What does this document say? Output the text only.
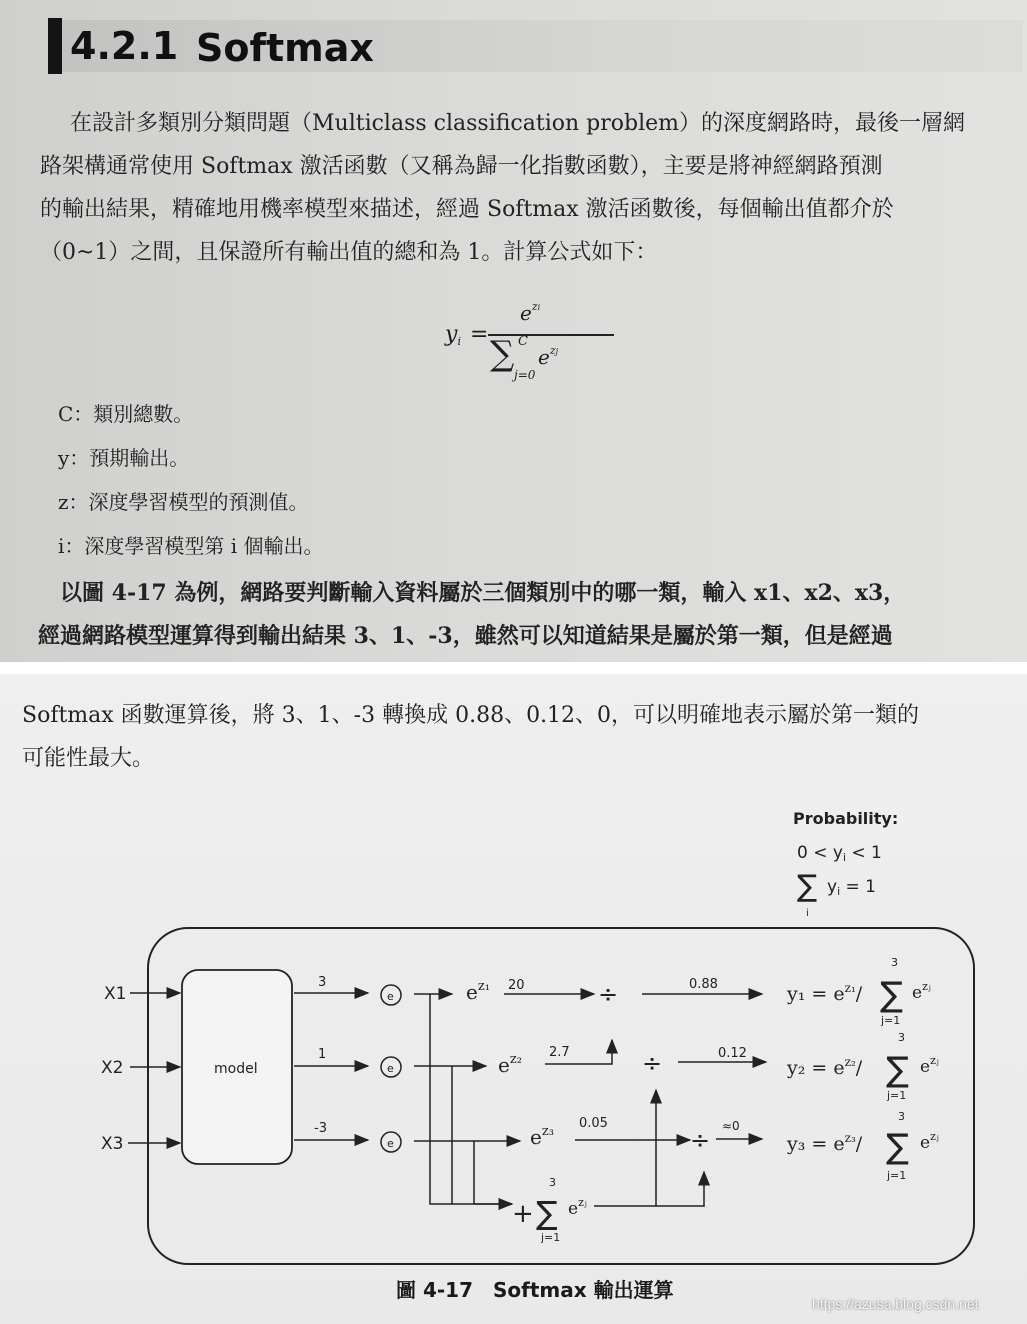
4.2.1 Softmax

在設計多類別分類問題（Multiclass classification problem）的深度網路時，最後一層網

路架構通常使用 Softmax 激活函數（又稱為歸一化指數函數），主要是將神經網路預測

的輸出結果，精確地用機率模型來描述，經過 Softmax 激活函數後，每個輸出值都介於

（0~1）之間，且保證所有輸出值的總和為 1。計算公式如下：

yi =
$e^{zi}$
∑ C
j=0
$e^{zj}$
C：類別總數。
y：預期輸出。
z：深度學習模型的預測值。
i：深度學習模型第 i 個輸出。

以圖 4-17 為例，網路要判斷輸入資料屬於三個類別中的哪一類，輸入 x1、x2、x3，

經過網路模型運算得到輸出結果 3、1、-3，雖然可以知道結果是屬於第一類，但是經過

Softmax 函數運算後，將 3、1、-3 轉換成 0.88、0.12、0，可以明確地表示屬於第一類的

可能性最大。

Probability:
0 < yi < 1
∑
i
yi = 1
X1
X2
X3
model
3
1
-3
e
e
e
$e^{z_1}$
$e^{z_2}$
$e^{z_3}$
20
2.7
0.05
÷
÷
÷
+ ∑
3
j=1
$e^{zⱼ}$
0.88
0.12
≈0
$y_1 = e^{z_1}/$ ∑
3
j=1
$e^{zⱼ}$
$y_2 = e^{z_2}/$ ∑
3
j=1
$e^{zⱼ}$
$y_3 = e^{z_3}/$ ∑
3
j=1
$e^{zⱼ}$
圖 4-17　Softmax 輸出運算
https://azusa.blog.csdn.net
